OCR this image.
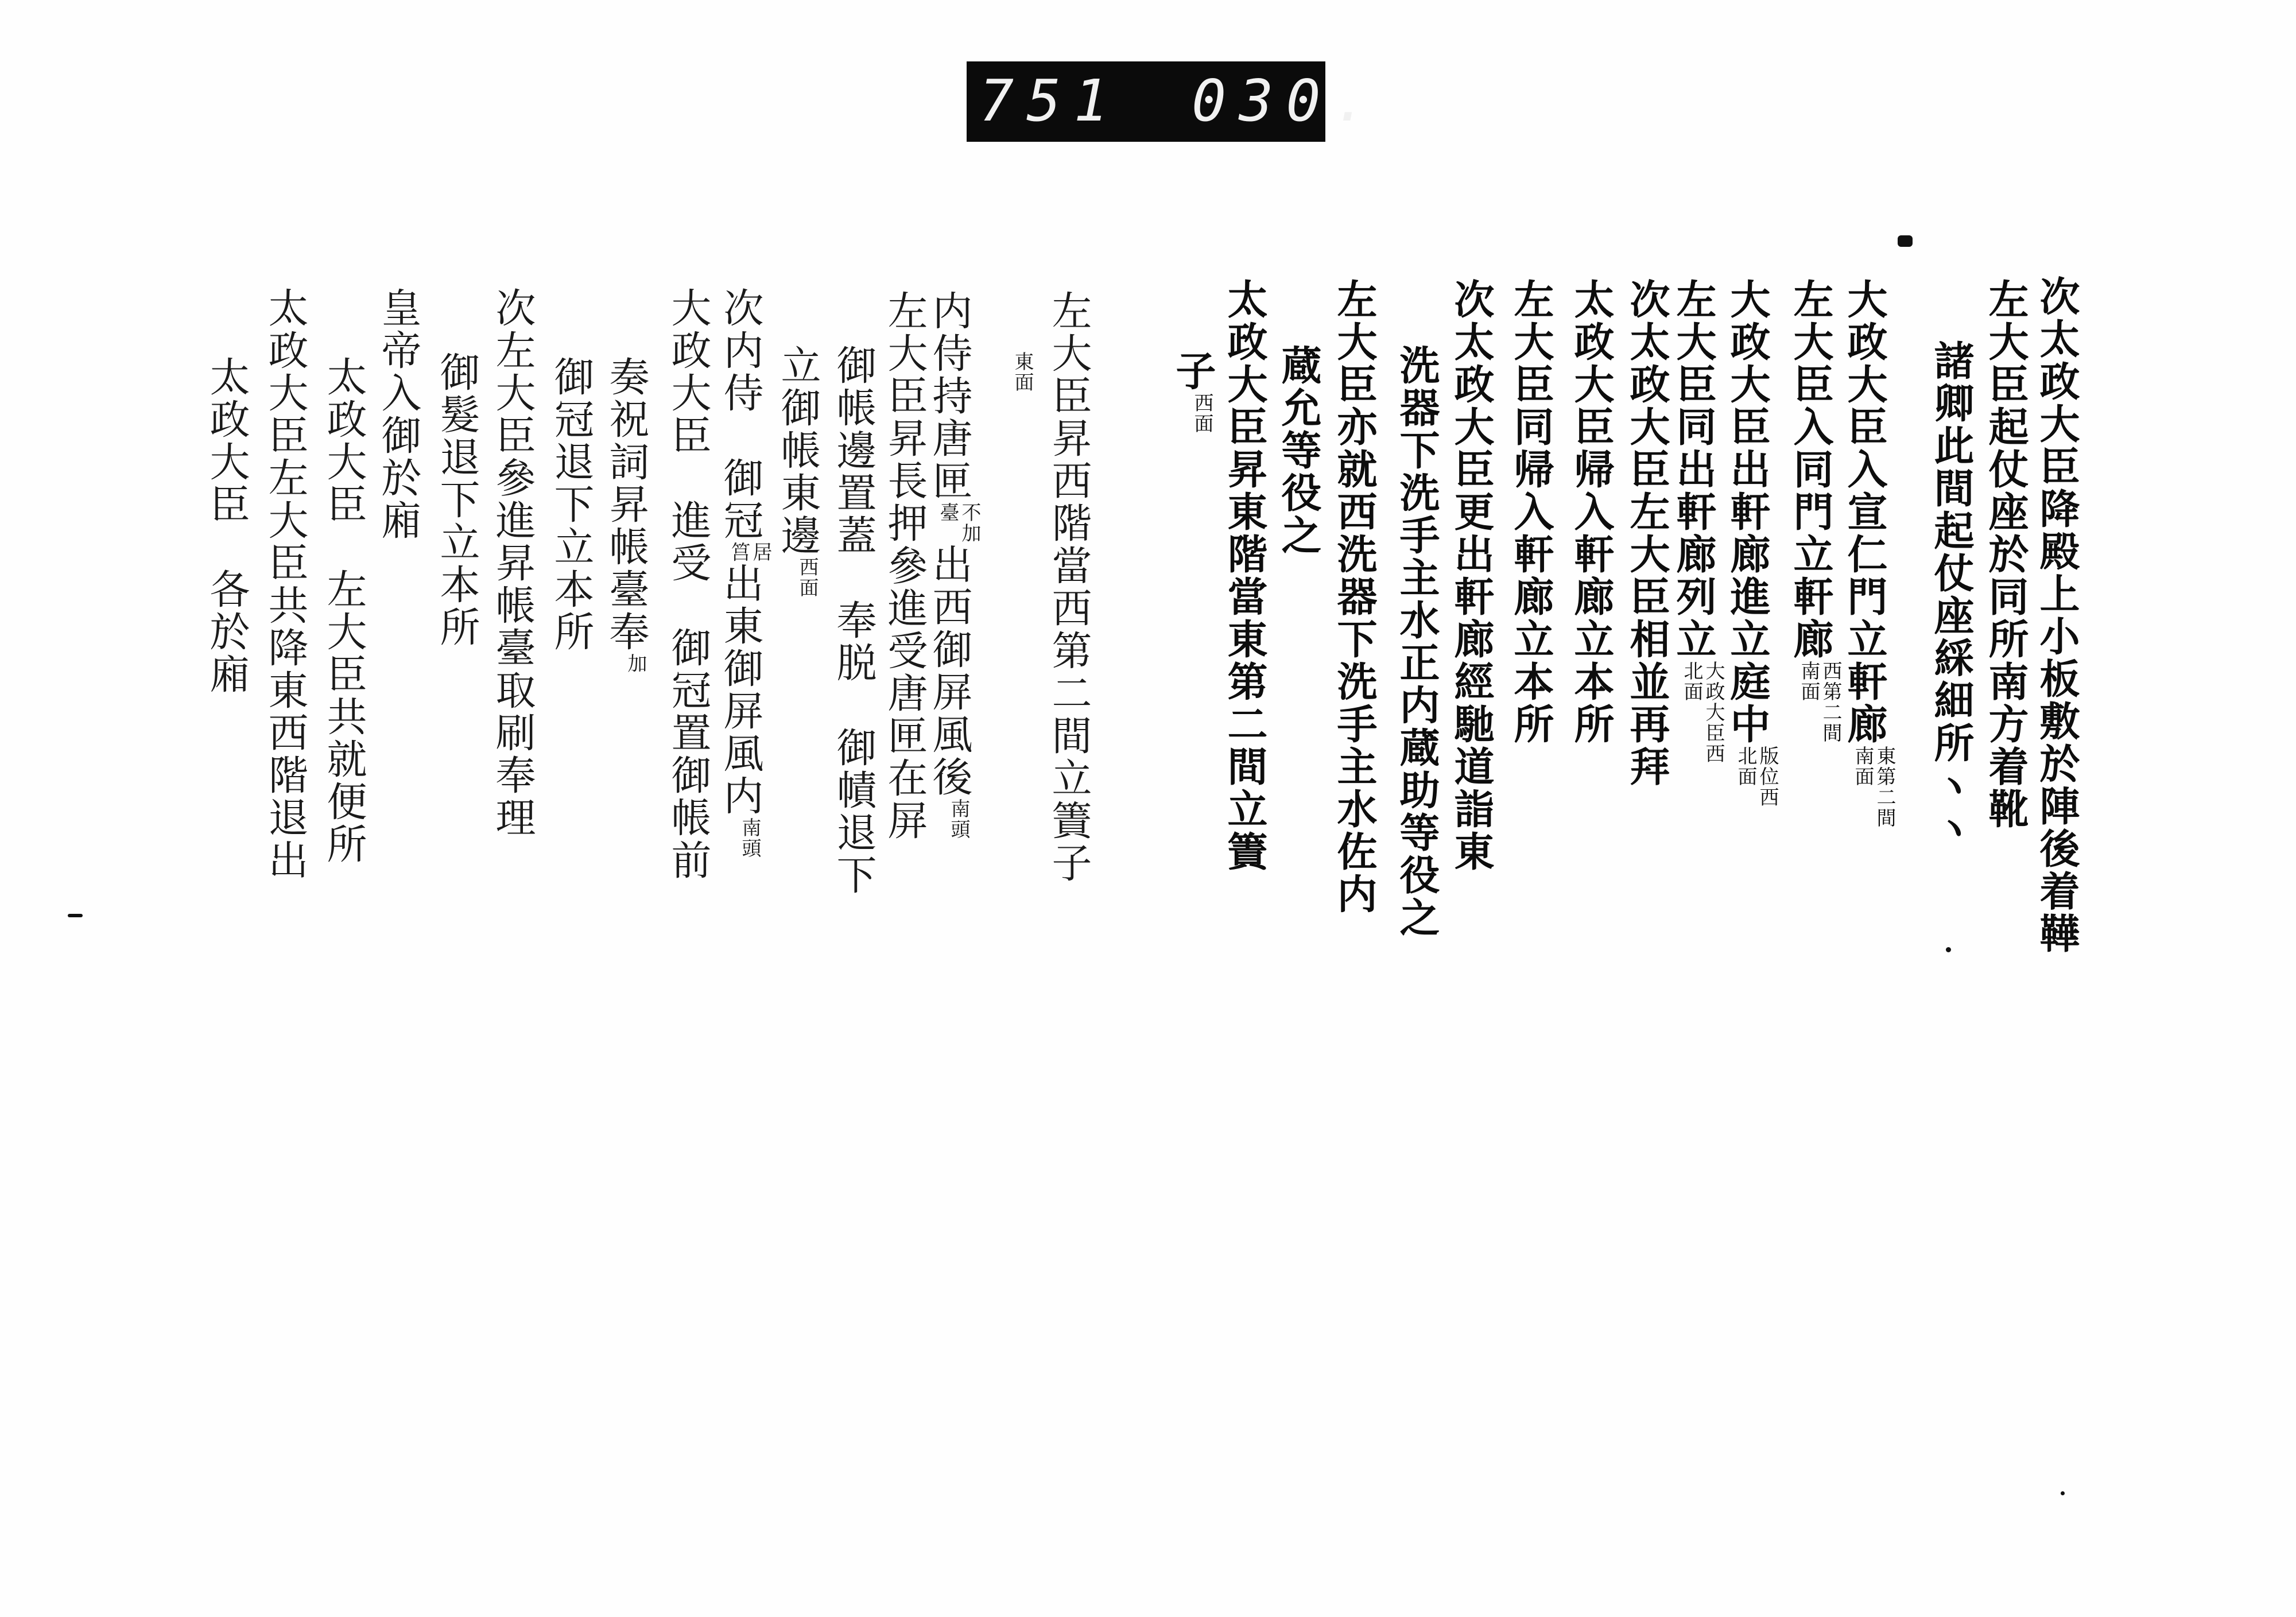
751 030.
次太政大臣降殿上小板敷於陣後着鞾
左大臣起仗座於同所南方着靴
諸卿此間起仗座綵細所ヽヽ
大政大臣入宣仁門立軒廊
東第二間
南面
左大臣入同門立軒廊
西第二間
南面
大政大臣出軒廊進立庭中
版位西
北面
左大臣同出軒廊列立
大政大臣西
北面
次太政大臣左大臣相並再拜
太政大臣帰入軒廊立本所
左大臣同帰入軒廊立本所
次太政大臣更出軒廊經馳道詣東
洗器下洗手主水正内蔵助等役之
左大臣亦就西洗器下洗手主水佐内
蔵允等役之
太政大臣昇東階當東第二間立簀
子
西面
左大臣昇西階當西第二間立簀子
東面
内侍持唐匣
不加
臺
出西御屏風後
南頭
左大臣昇長押參進受唐匣在屏
御帳邊置蓋　奉脱　御幘退下
立御帳東邊
西面
次内侍　御冠
居
筥
出東御屏風内
南頭
大政大臣　進受　御冠置御帳前
奏祝詞昇帳臺奉
加
御冠退下立本所
次左大臣參進昇帳臺取刷奉理
御髮退下立本所
皇帝入御於廂
太政大臣　左大臣共就便所
太政大臣左大臣共降東西階退出
太政大臣　各於廂
